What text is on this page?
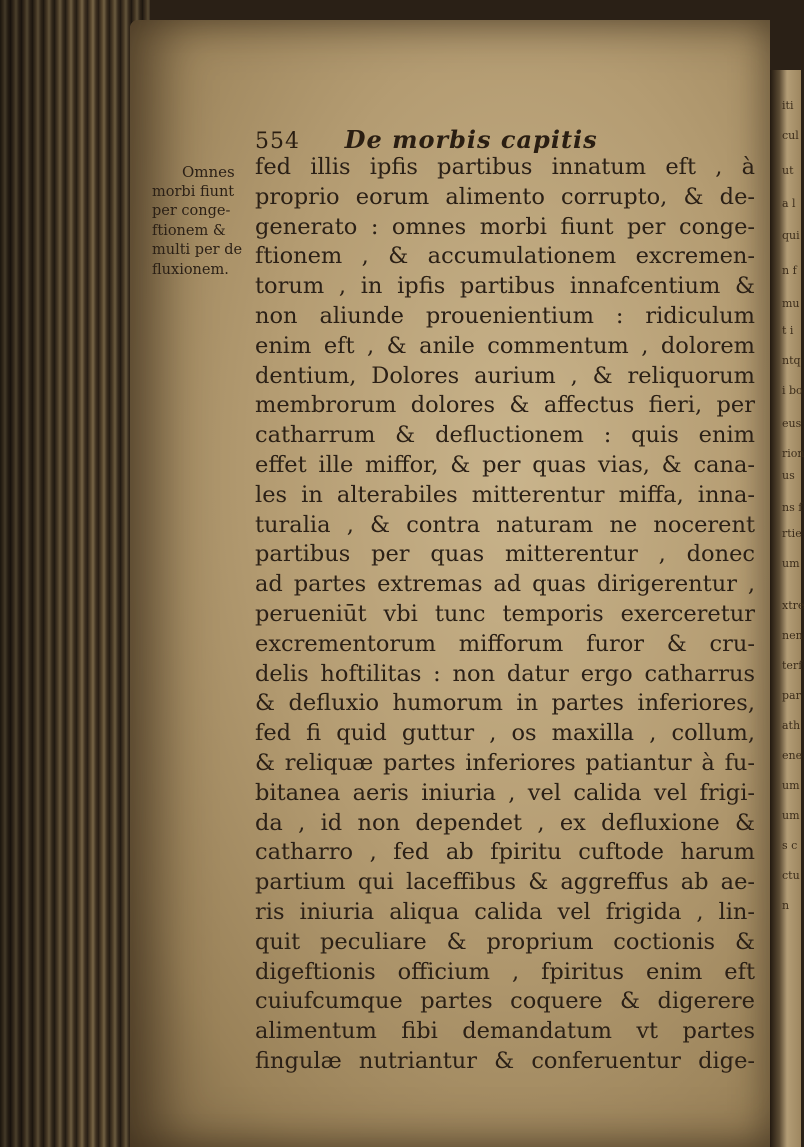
554 De morbis capitis
Omnes
morbi fiunt
per conge-
ftionem &
multi per de
fluxionem.
fed illis ipfis partibus innatum eft , à
proprio eorum alimento corrupto, & de-
generato : omnes morbi fiunt per conge-
ftionem , & accumulationem excremen-
torum , in ipfis partibus innafcentium &
non aliunde prouenientium : ridiculum
enim eft , & anile commentum , dolorem
dentium, Dolores aurium , & reliquorum
membrorum dolores & affectus fieri, per
catharrum & defluctionem : quis enim
effet ille miffor, & per quas vias, & cana-
les in alterabiles mitterentur miffa, inna-
turalia , & contra naturam ne nocerent
partibus per quas mitterentur , donec
ad partes extremas ad quas dirigerentur ,
perueniūt vbi tunc temporis exerceretur
excrementorum mifforum furor & cru-
delis hoftilitas : non datur ergo catharrus
& defluxio humorum in partes inferiores,
fed fi quid guttur , os maxilla , collum,
& reliquæ partes inferiores patiantur à fu-
bitanea aeris iniuria , vel calida vel frigi-
da , id non dependet , ex defluxione &
catharro , fed ab fpiritu cuftode harum
partium qui laceffibus & aggreffus ab ae-
ris iniuria aliqua calida vel frigida , lin-
quit peculiare & proprium coctionis &
digeftionis officium , fpiritus enim eft
cuiufcumque partes coquere & digerere
alimentum fibi demandatum vt partes
fingulæ nutriantur & conferuentur dige-
iti
cul
ut
a l
qui
n f
mu
t i
ntq
i bo
eus
rion
us
ns f
rtie
um
xtre
nen
terf
par
ath
ene
um
um
s c
ctu
n
